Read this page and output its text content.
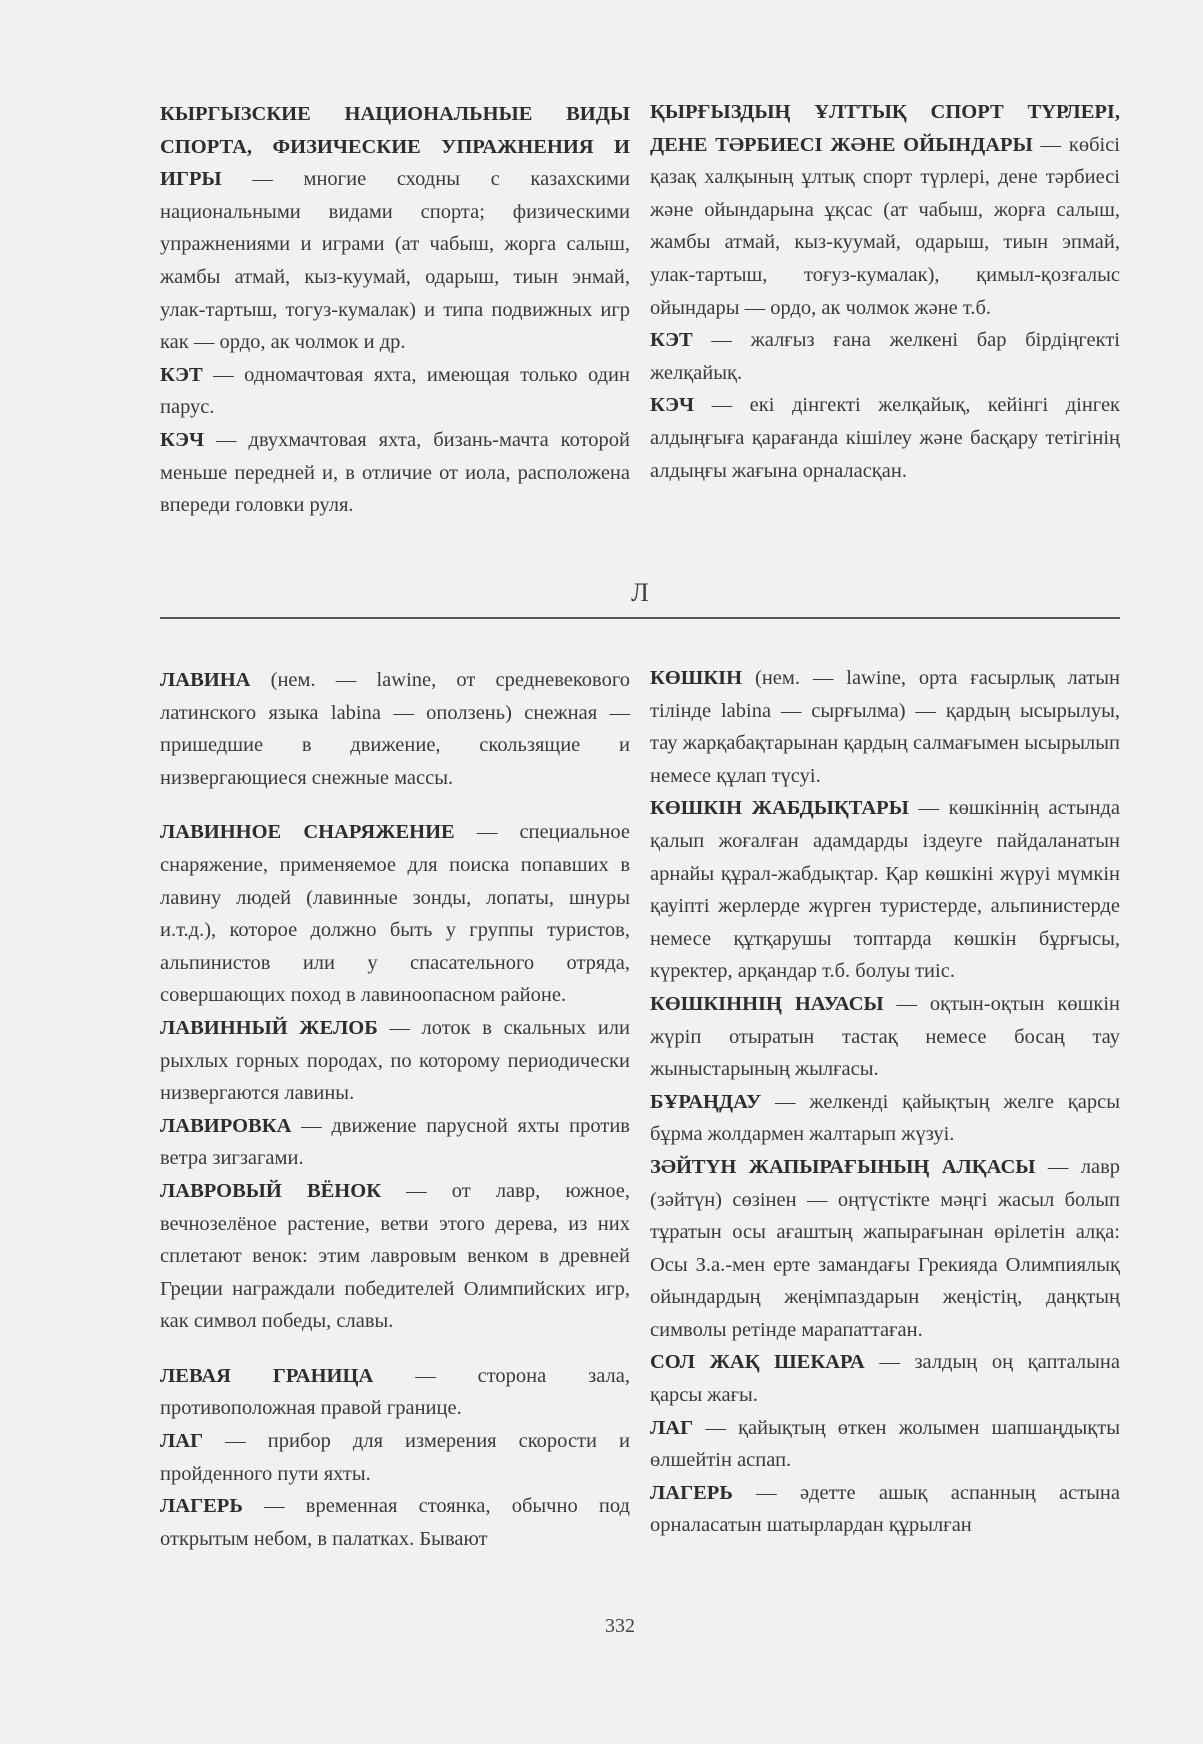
КЫРГЫЗСКИЕ НАЦИОНАЛЬНЫЕ ВИДЫ СПОРТА, ФИЗИЧЕСКИЕ УПРАЖНЕНИЯ И ИГРЫ — многие сходны с казахскими национальными видами спорта; физическими упражнениями и играми (ат чабыш, жорга салыш, жамбы атмай, кыз-куумай, одарыш, тиын энмай, улак-тартыш, тогуз-кумалак) и типа подвижных игр как — ордо, ак чолмок и др.

КЭТ — одномачтовая яхта, имеющая только один парус.

КЭЧ — двухмачтовая яхта, бизань-мачта которой меньше передней и, в отличие от иола, расположена впереди головки руля.

ҚЫРҒЫЗДЫҢ ҰЛТТЫҚ СПОРТ ТҮРЛЕРІ, ДЕНЕ ТӘРБИЕСІ ЖӘНЕ ОЙЫНДАРЫ — көбісі қазақ халқының ұлтық спорт түрлері, дене тәрбиесі және ойындарына ұқсас (ат чабыш, жорға салыш, жамбы атмай, кыз-куумай, одарыш, тиын эпмай, улак-тартыш, тоғуз-кумалак), қимыл-қозғалыс ойындары — ордо, ак чолмок және т.б.

КЭТ — жалғыз ғана желкені бар бірдіңгекті желқайық.

КЭЧ — екі дінгекті желқайық, кейінгі дінгек алдыңғыға қарағанда кішілеу және басқару тетігінің алдыңғы жағына орналасқан.

Л

ЛАВИНА (нем. — lawine, от средневекового латинского языка labina — оползень) снежная — пришедшие в движение, скользящие и низвергающиеся снежные массы.

ЛАВИННОЕ СНАРЯЖЕНИЕ — специальное снаряжение, применяемое для поиска попавших в лавину людей (лавинные зонды, лопаты, шнуры и.т.д.), которое должно быть у группы туристов, альпинистов или у спасательного отряда, совершающих поход в лавиноопасном районе.

ЛАВИННЫЙ ЖЕЛОБ — лоток в скальных или рыхлых горных породах, по которому периодически низвергаются лавины.

ЛАВИРОВКА — движение парусной яхты против ветра зигзагами.

ЛАВРОВЫЙ ВЁНОК — от лавр, южное, вечнозелёное растение, ветви этого дерева, из них сплетают венок: этим лавровым венком в древней Греции награждали победителей Олимпийских игр, как символ победы, славы.

ЛЕВАЯ ГРАНИЦА — сторона зала, противоположная правой границе.

ЛАГ — прибор для измерения скорости и пройденного пути яхты.

ЛАГЕРЬ — временная стоянка, обычно под открытым небом, в палатках. Бывают

КӨШКІН (нем. — lawine, орта ғасырлық латын тілінде labina — сырғылма) — қардың ысырылуы, тау жарқабақтарынан қардың салмағымен ысырылып немесе құлап түсуі.

КӨШКІН ЖАБДЫҚТАРЫ — көшкіннің астында қалып жоғалған адамдарды іздеуге пайдаланатын арнайы құрал-жабдықтар. Қар көшкіні жүруі мүмкін қауіпті жерлерде жүрген туристерде, альпинистерде немесе құтқарушы топтарда көшкін бұрғысы, күректер, арқандар т.б. болуы тиіс.

КӨШКІННІҢ НАУАСЫ — оқтын-оқтын көшкін жүріп отыратын тастақ немесе босаң тау жыныстарының жылғасы.

БҰРАҢДАУ — желкенді қайықтың желге қарсы бұрма жолдармен жалтарып жүзуі.

ЗӘЙТҮН ЖАПЫРАҒЫНЫҢ АЛҚАСЫ — лавр (зәйтүн) сөзінен — оңтүстікте мәңгі жасыл болып тұратын осы ағаштың жапырағынан өрілетін алқа: Осы З.а.-мен ерте замандағы Грекияда Олимпиялық ойындардың жеңімпаздарын жеңістің, даңқтың символы ретінде марапаттаған.

СОЛ ЖАҚ ШЕКАРА — залдың оң қапталына қарсы жағы.

ЛАГ — қайықтың өткен жолымен шапшаңдықты өлшейтін аспап.

ЛАГЕРЬ — әдетте ашық аспанның астына орналасатын шатырлардан құрылған

332
